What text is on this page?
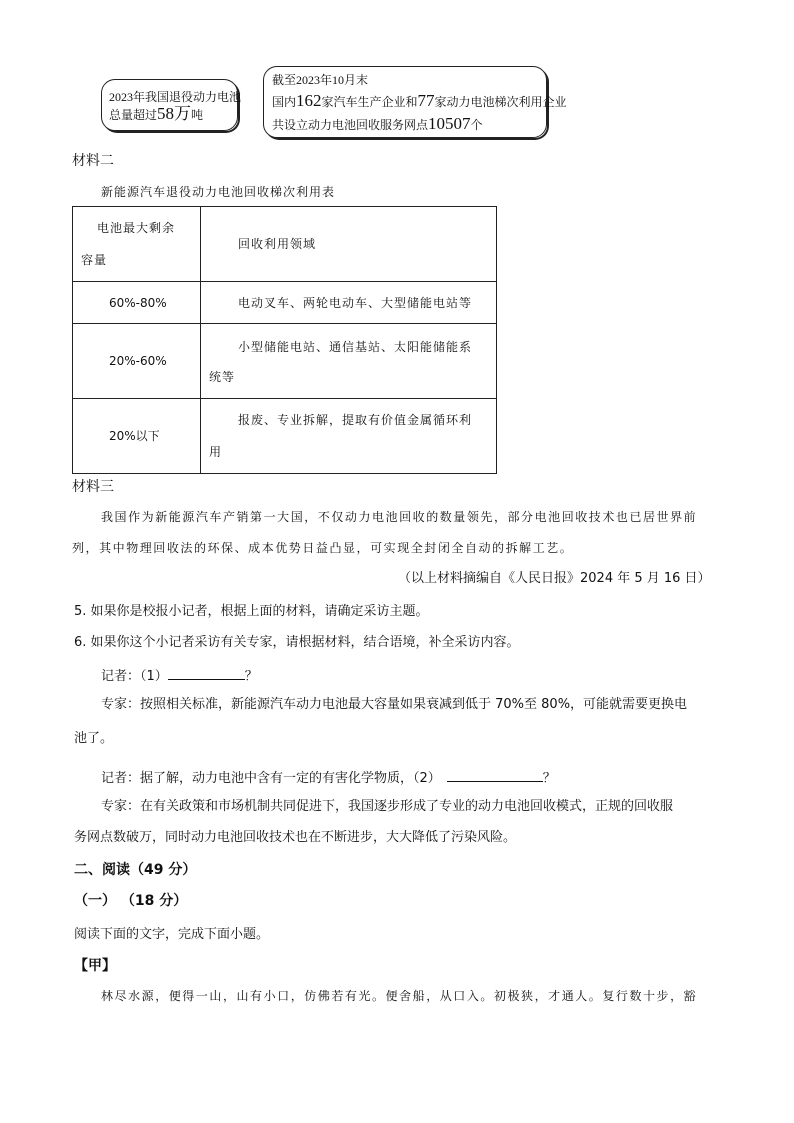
2023年我国退役动力电池
总量超过58万吨
截至2023年10月末
国内162家汽车生产企业和77家动力电池梯次利用企业
共设立动力电池回收服务网点10507个
材料二
新能源汽车退役动力电池回收梯次利用表
电池最大剩余
容量	回收利用领域

60%-80%	电动叉车、两轮电动车、大型储能电站等

20%-60%	小型储能电站、通信基站、太阳能储能系
统等

20%以下	报废、专业拆解，提取有价值金属循环利
用
材料三
我国作为新能源汽车产销第一大国，不仅动力电池回收的数量领先，部分电池回收技术也已居世界前
列，其中物理回收法的环保、成本优势日益凸显，可实现全封闭全自动的拆解工艺。
（以上材料摘编自《人民日报》2024 年 5 月 16 日）
5. 如果你是校报小记者，根据上面的材料，请确定采访主题。
6. 如果你这个小记者采访有关专家，请根据材料，结合语境，补全采访内容。
记者：（1）	？
专家：按照相关标准，新能源汽车动力电池最大容量如果衰减到低于 70%至 80%，可能就需要更换电
池了。
记者：据了解，动力电池中含有一定的有害化学物质，（2）	？
专家：在有关政策和市场机制共同促进下，我国逐步形成了专业的动力电池回收模式，正规的回收服
务网点数破万，同时动力电池回收技术也在不断进步，大大降低了污染风险。
二、阅读（49 分）
（一） （18 分）
阅读下面的文字，完成下面小题。
【甲】
林尽水源，便得一山，山有小口，仿佛若有光。便舍船，从口入。初极狭，才通人。复行数十步，豁
